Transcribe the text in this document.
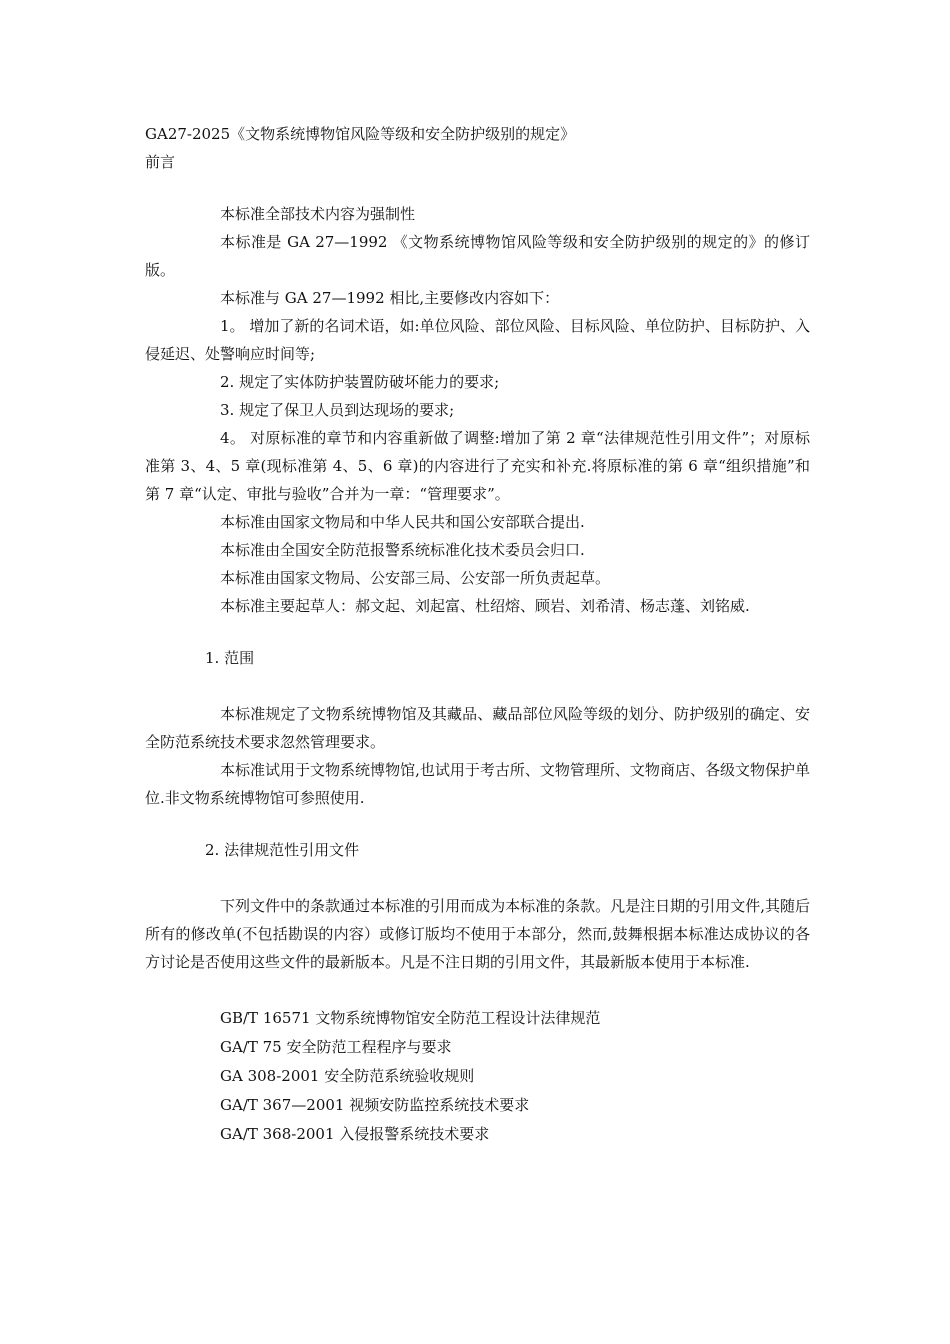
GA27-2025《文物系统博物馆风险等级和安全防护级别的规定》

前言

本标准全部技术内容为强制性

本标准是 GA 27—1992 《文物系统博物馆风险等级和安全防护级别的规定的》的修订版。

本标准与 GA 27—1992 相比,主要修改内容如下：

1。 增加了新的名词术语，如:单位风险、部位风险、目标风险、单位防护、目标防护、入侵延迟、处警响应时间等;

2. 规定了实体防护装置防破坏能力的要求;

3. 规定了保卫人员到达现场的要求;

4。 对原标准的章节和内容重新做了调整:增加了第 2 章“法律规范性引用文件”；对原标准第 3、4、5 章(现标准第 4、5、6 章)的内容进行了充实和补充.将原标准的第 6 章“组织措施”和第 7 章“认定、审批与验收”合并为一章：“管理要求”。

本标准由国家文物局和中华人民共和国公安部联合提出.

本标准由全国安全防范报警系统标准化技术委员会归口.

本标准由国家文物局、公安部三局、公安部一所负责起草。

本标准主要起草人：郝文起、刘起富、杜绍熔、顾岩、刘希清、杨志蓬、刘铭威.

1. 范围

本标准规定了文物系统博物馆及其藏品、藏品部位风险等级的划分、防护级别的确定、安全防范系统技术要求忽然管理要求。

本标准试用于文物系统博物馆,也试用于考古所、文物管理所、文物商店、各级文物保护单位.非文物系统博物馆可参照使用.

2. 法律规范性引用文件

下列文件中的条款通过本标准的引用而成为本标准的条款。凡是注日期的引用文件,其随后所有的修改单(不包括勘误的内容）或修订版均不使用于本部分，然而,鼓舞根据本标准达成协议的各方讨论是否使用这些文件的最新版本。凡是不注日期的引用文件，其最新版本使用于本标准.

GB/T 16571 文物系统博物馆安全防范工程设计法律规范

GA/T 75 安全防范工程程序与要求

GA 308-2001 安全防范系统验收规则

GA/T 367—2001 视频安防监控系统技术要求

GA/T 368-2001 入侵报警系统技术要求
